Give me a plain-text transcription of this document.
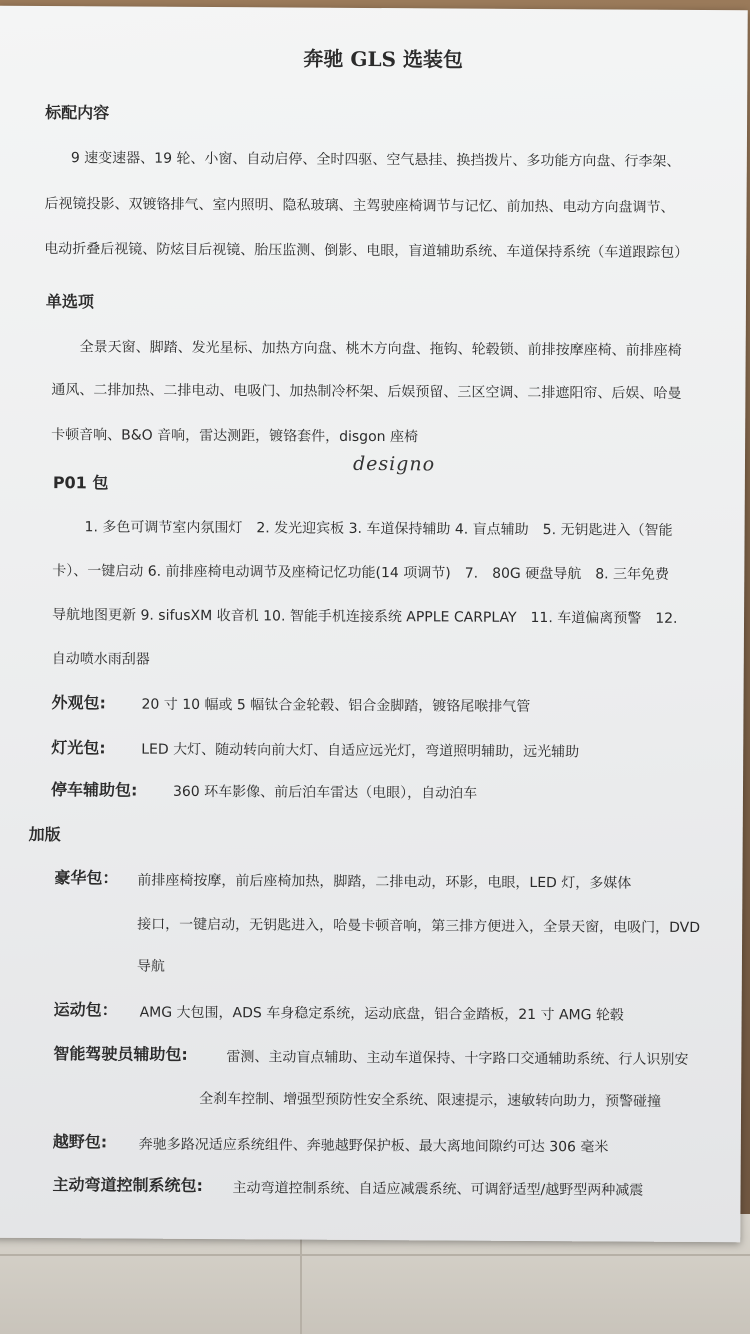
奔驰 GLS 选装包
标配内容
9 速变速器、19 轮、小窗、自动启停、全时四驱、空气悬挂、换挡拨片、多功能方向盘、行李架、
后视镜投影、双镀铬排气、室内照明、隐私玻璃、主驾驶座椅调节与记忆、前加热、电动方向盘调节、
电动折叠后视镜、防炫目后视镜、胎压监测、倒影、电眼，盲道辅助系统、车道保持系统（车道跟踪包）
单选项
全景天窗、脚踏、发光星标、加热方向盘、桃木方向盘、拖钩、轮毂锁、前排按摩座椅、前排座椅
通风、二排加热、二排电动、电吸门、加热制冷杯架、后娱预留、三区空调、二排遮阳帘、后娱、哈曼
卡顿音响、B&O 音响，雷达测距，镀铬套件，disgon 座椅
designo
P01 包
1. 多色可调节室内氛围灯　2. 发光迎宾板 3. 车道保持辅助 4. 盲点辅助　5. 无钥匙进入（智能
卡）、一键启动 6. 前排座椅电动调节及座椅记忆功能(14 项调节)　7.　80G 硬盘导航　8. 三年免费
导航地图更新 9. sifusXM 收音机 10. 智能手机连接系统 APPLE CARPLAY　11. 车道偏离预警　12.
自动喷水雨刮器
外观包:	20 寸 10 幅或 5 幅钛合金轮毂、铝合金脚踏，镀铬尾喉排气管
灯光包:	LED 大灯、随动转向前大灯、自适应远光灯，弯道照明辅助，远光辅助
停车辅助包:	360 环车影像、前后泊车雷达（电眼），自动泊车
加版
豪华包： 前排座椅按摩，前后座椅加热，脚踏，二排电动，环影，电眼，LED 灯，多媒体
接口，一键启动，无钥匙进入，哈曼卡顿音响，第三排方便进入，全景天窗，电吸门，DVD
导航
运动包： AMG 大包围，ADS 车身稳定系统，运动底盘，铝合金踏板，21 寸 AMG 轮毂
智能驾驶员辅助包:	雷测、主动盲点辅助、主动车道保持、十字路口交通辅助系统、行人识别安
全刹车控制、增强型预防性安全系统、限速提示，速敏转向助力，预警碰撞
越野包: 奔驰多路况适应系统组件、奔驰越野保护板、最大离地间隙约可达 306 毫米
主动弯道控制系统包: 主动弯道控制系统、自适应减震系统、可调舒适型/越野型两种减震
